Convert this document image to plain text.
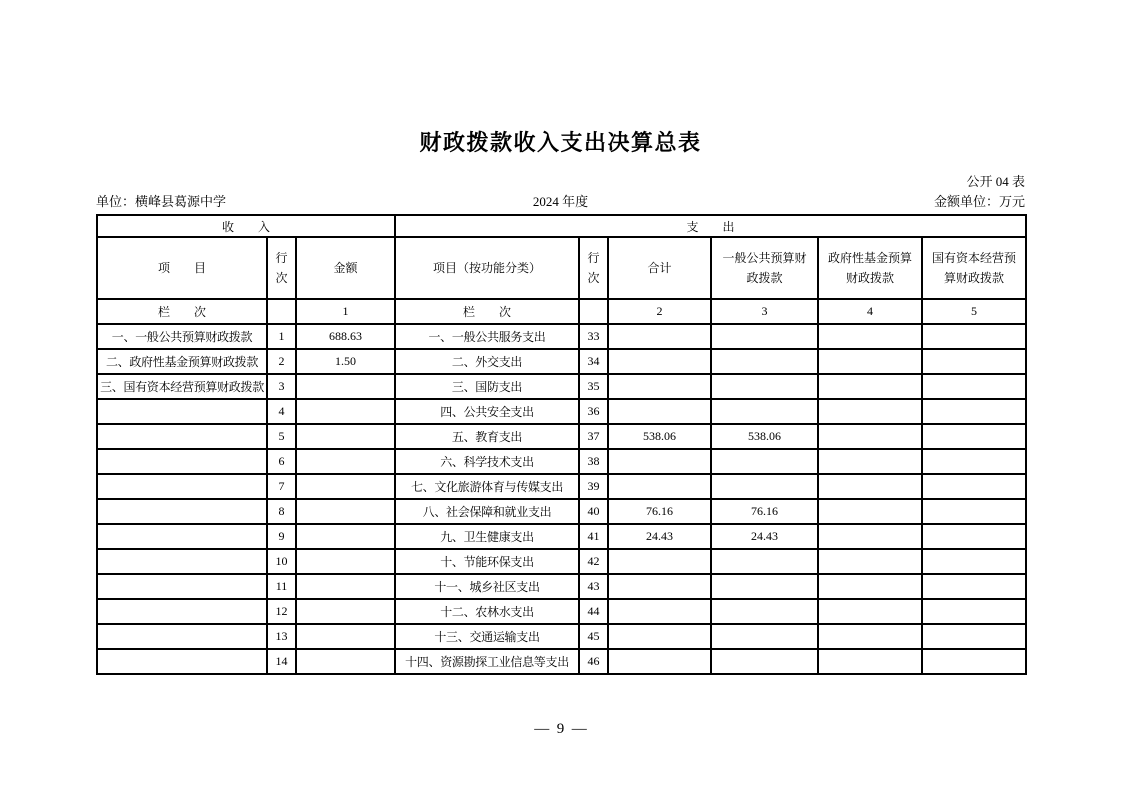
财政拨款收入支出决算总表
公开 04 表
单位：横峰县葛源中学	2024 年度	金额单位：万元
收　　入			支　　出					
项　　目	行次	金额	项目（按功能分类）	行次	合计	一般公共预算财政拨款	政府性基金预算财政拨款	国有资本经营预算财政拨款
栏　　次		1	栏　　次		2	3	4	5
一、一般公共预算财政拨款	1	688.63	一、一般公共服务支出	33				
二、政府性基金预算财政拨款	2	1.50	二、外交支出	34				
三、国有资本经营预算财政拨款	3		三、国防支出	35				
	4		四、公共安全支出	36				
	5		五、教育支出	37	538.06	538.06		
	6		六、科学技术支出	38				
	7		七、文化旅游体育与传媒支出	39				
	8		八、社会保障和就业支出	40	76.16	76.16		
	9		九、卫生健康支出	41	24.43	24.43		
	10		十、节能环保支出	42				
	11		十一、城乡社区支出	43				
	12		十二、农林水支出	44				
	13		十三、交通运输支出	45				
	14		十四、资源勘探工业信息等支出	46				
—  9  —
